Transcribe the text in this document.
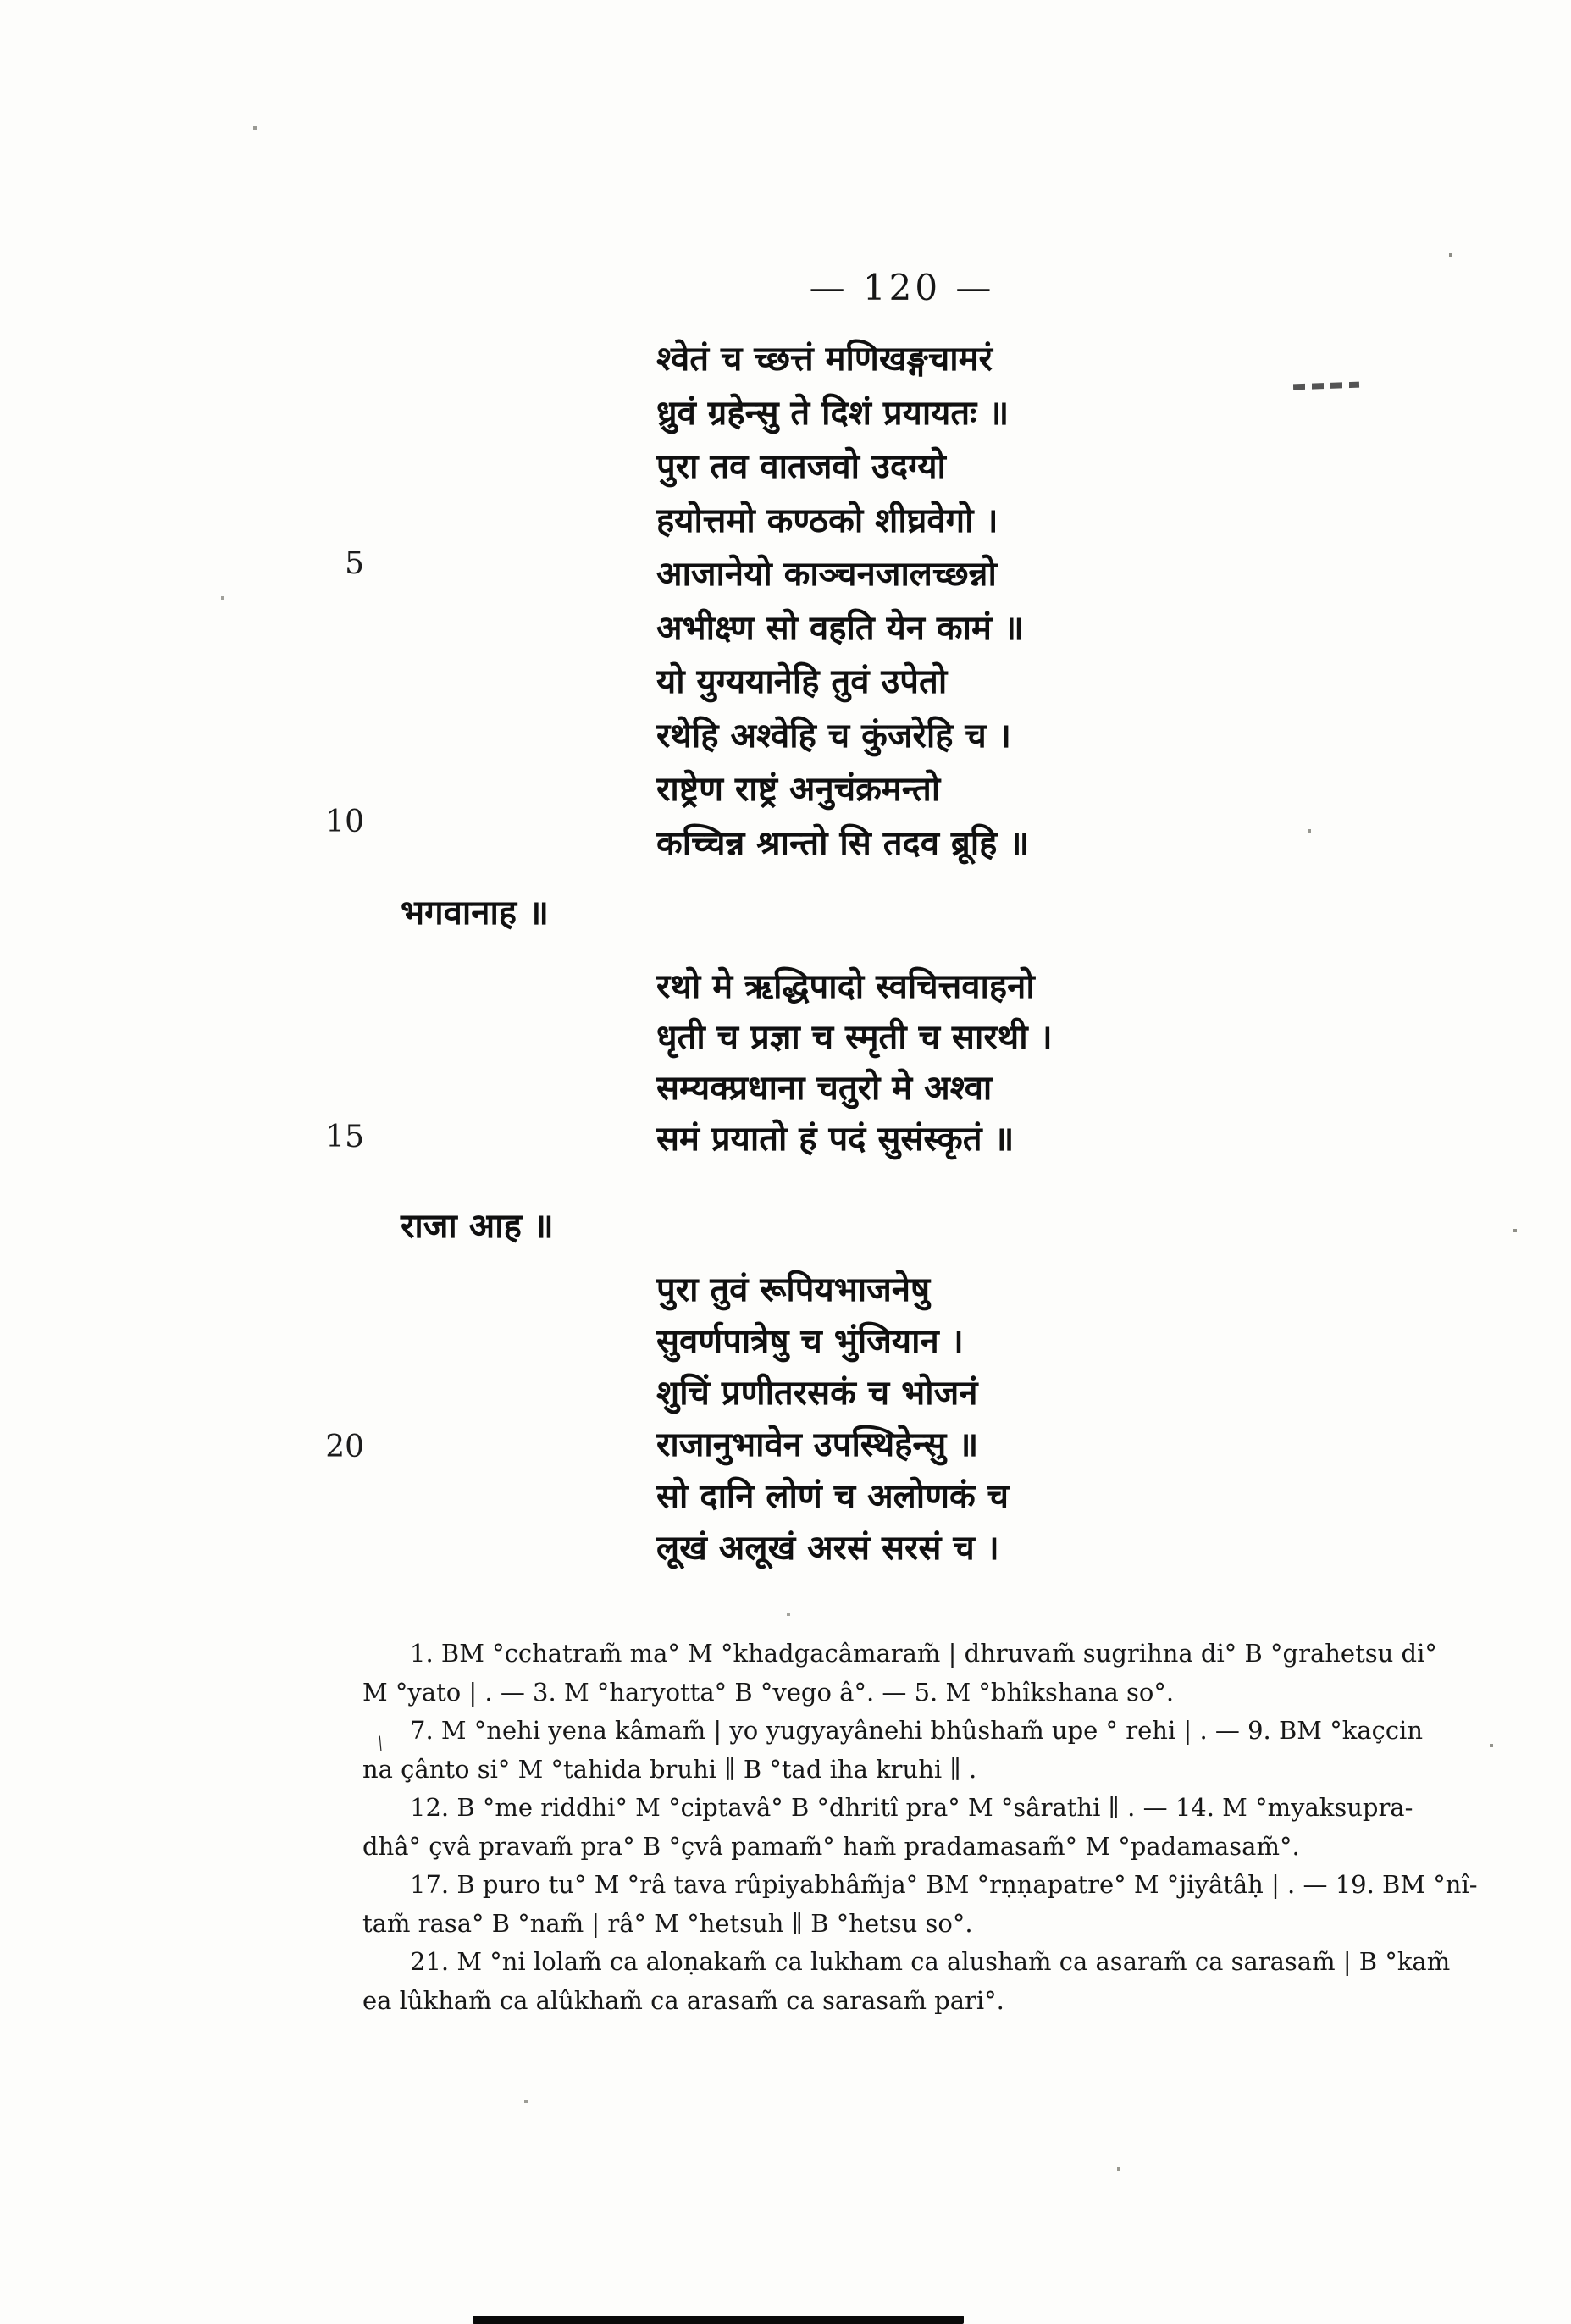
— 120 —
5
10
15
20
श्वेतं च च्छत्तं मणिखङ्गचामरं
ध्रुवं ग्रहेन्सु ते दिशं प्रयायतः ॥
पुरा तव वातजवो उदग्यो
हयोत्तमो कण्ठको शीघ्रवेगो ।
आजानेयो काञ्चनजालच्छन्नो
अभीक्ष्ण सो वहति येन कामं ॥
यो युग्ययानेहि तुवं उपेतो
रथेहि अश्वेहि च कुंजरेहि च ।
राष्ट्रेण राष्ट्रं अनुचंक्रमन्तो
कच्चिन्न श्रान्तो सि तदव ब्रूहि ॥
भगवानाह ॥
रथो मे ऋद्धिपादो स्वचित्तवाहनो
धृती च प्रज्ञा च स्मृती च सारथी ।
सम्यक्प्रधाना चतुरो मे अश्वा
समं प्रयातो हं पदं सुसंस्कृतं ॥
राजा आह ॥
पुरा तुवं रूपियभाजनेषु
सुवर्णपात्रेषु च भुंजियान ।
शुचिं प्रणीतरसकं च भोजनं
राजानुभावेन उपस्थिहेन्सु ॥
सो दानि लोणं च अलोणकं च
लूखं अलूखं अरसं सरसं च ।
﹨
1. BM °cchatram̃ ma° M °khadgacâmaram̃ | dhruvam̃ sugrihna di° B °grahetsu di°
M °yato | . — 3. M °haryotta° B °vego â°. — 5. M °bhîkshana so°.
7. M °nehi yena kâmam̃ | yo yugyayânehi bhûsham̃ upe ° rehi | . — 9. BM °kaçcin
na çânto si° M °tahida bruhi ∥ B °tad iha kruhi ∥ .
12. B °me riddhi° M °ciptavâ° B °dhritî pra° M °sârathi ∥ . — 14. M °myaksupra-
dhâ° çvâ pravam̃ pra° B °çvâ pamam̃° ham̃ pradamasam̃° M °padamasam̃°.
17. B puro tu° M °râ tava rûpiyabhâm̃ja° BM °rṇṇapatre° M °jiyâtâḥ | . — 19. BM °nî-
tam̃ rasa° B °nam̃ | râ° M °hetsuh ∥ B °hetsu so°.
21. M °ni lolam̃ ca aloṇakam̃ ca lukham ca alusham̃ ca asaram̃ ca sarasam̃ | B °kam̃
ea lûkham̃ ca alûkham̃ ca arasam̃ ca sarasam̃ pari°.
